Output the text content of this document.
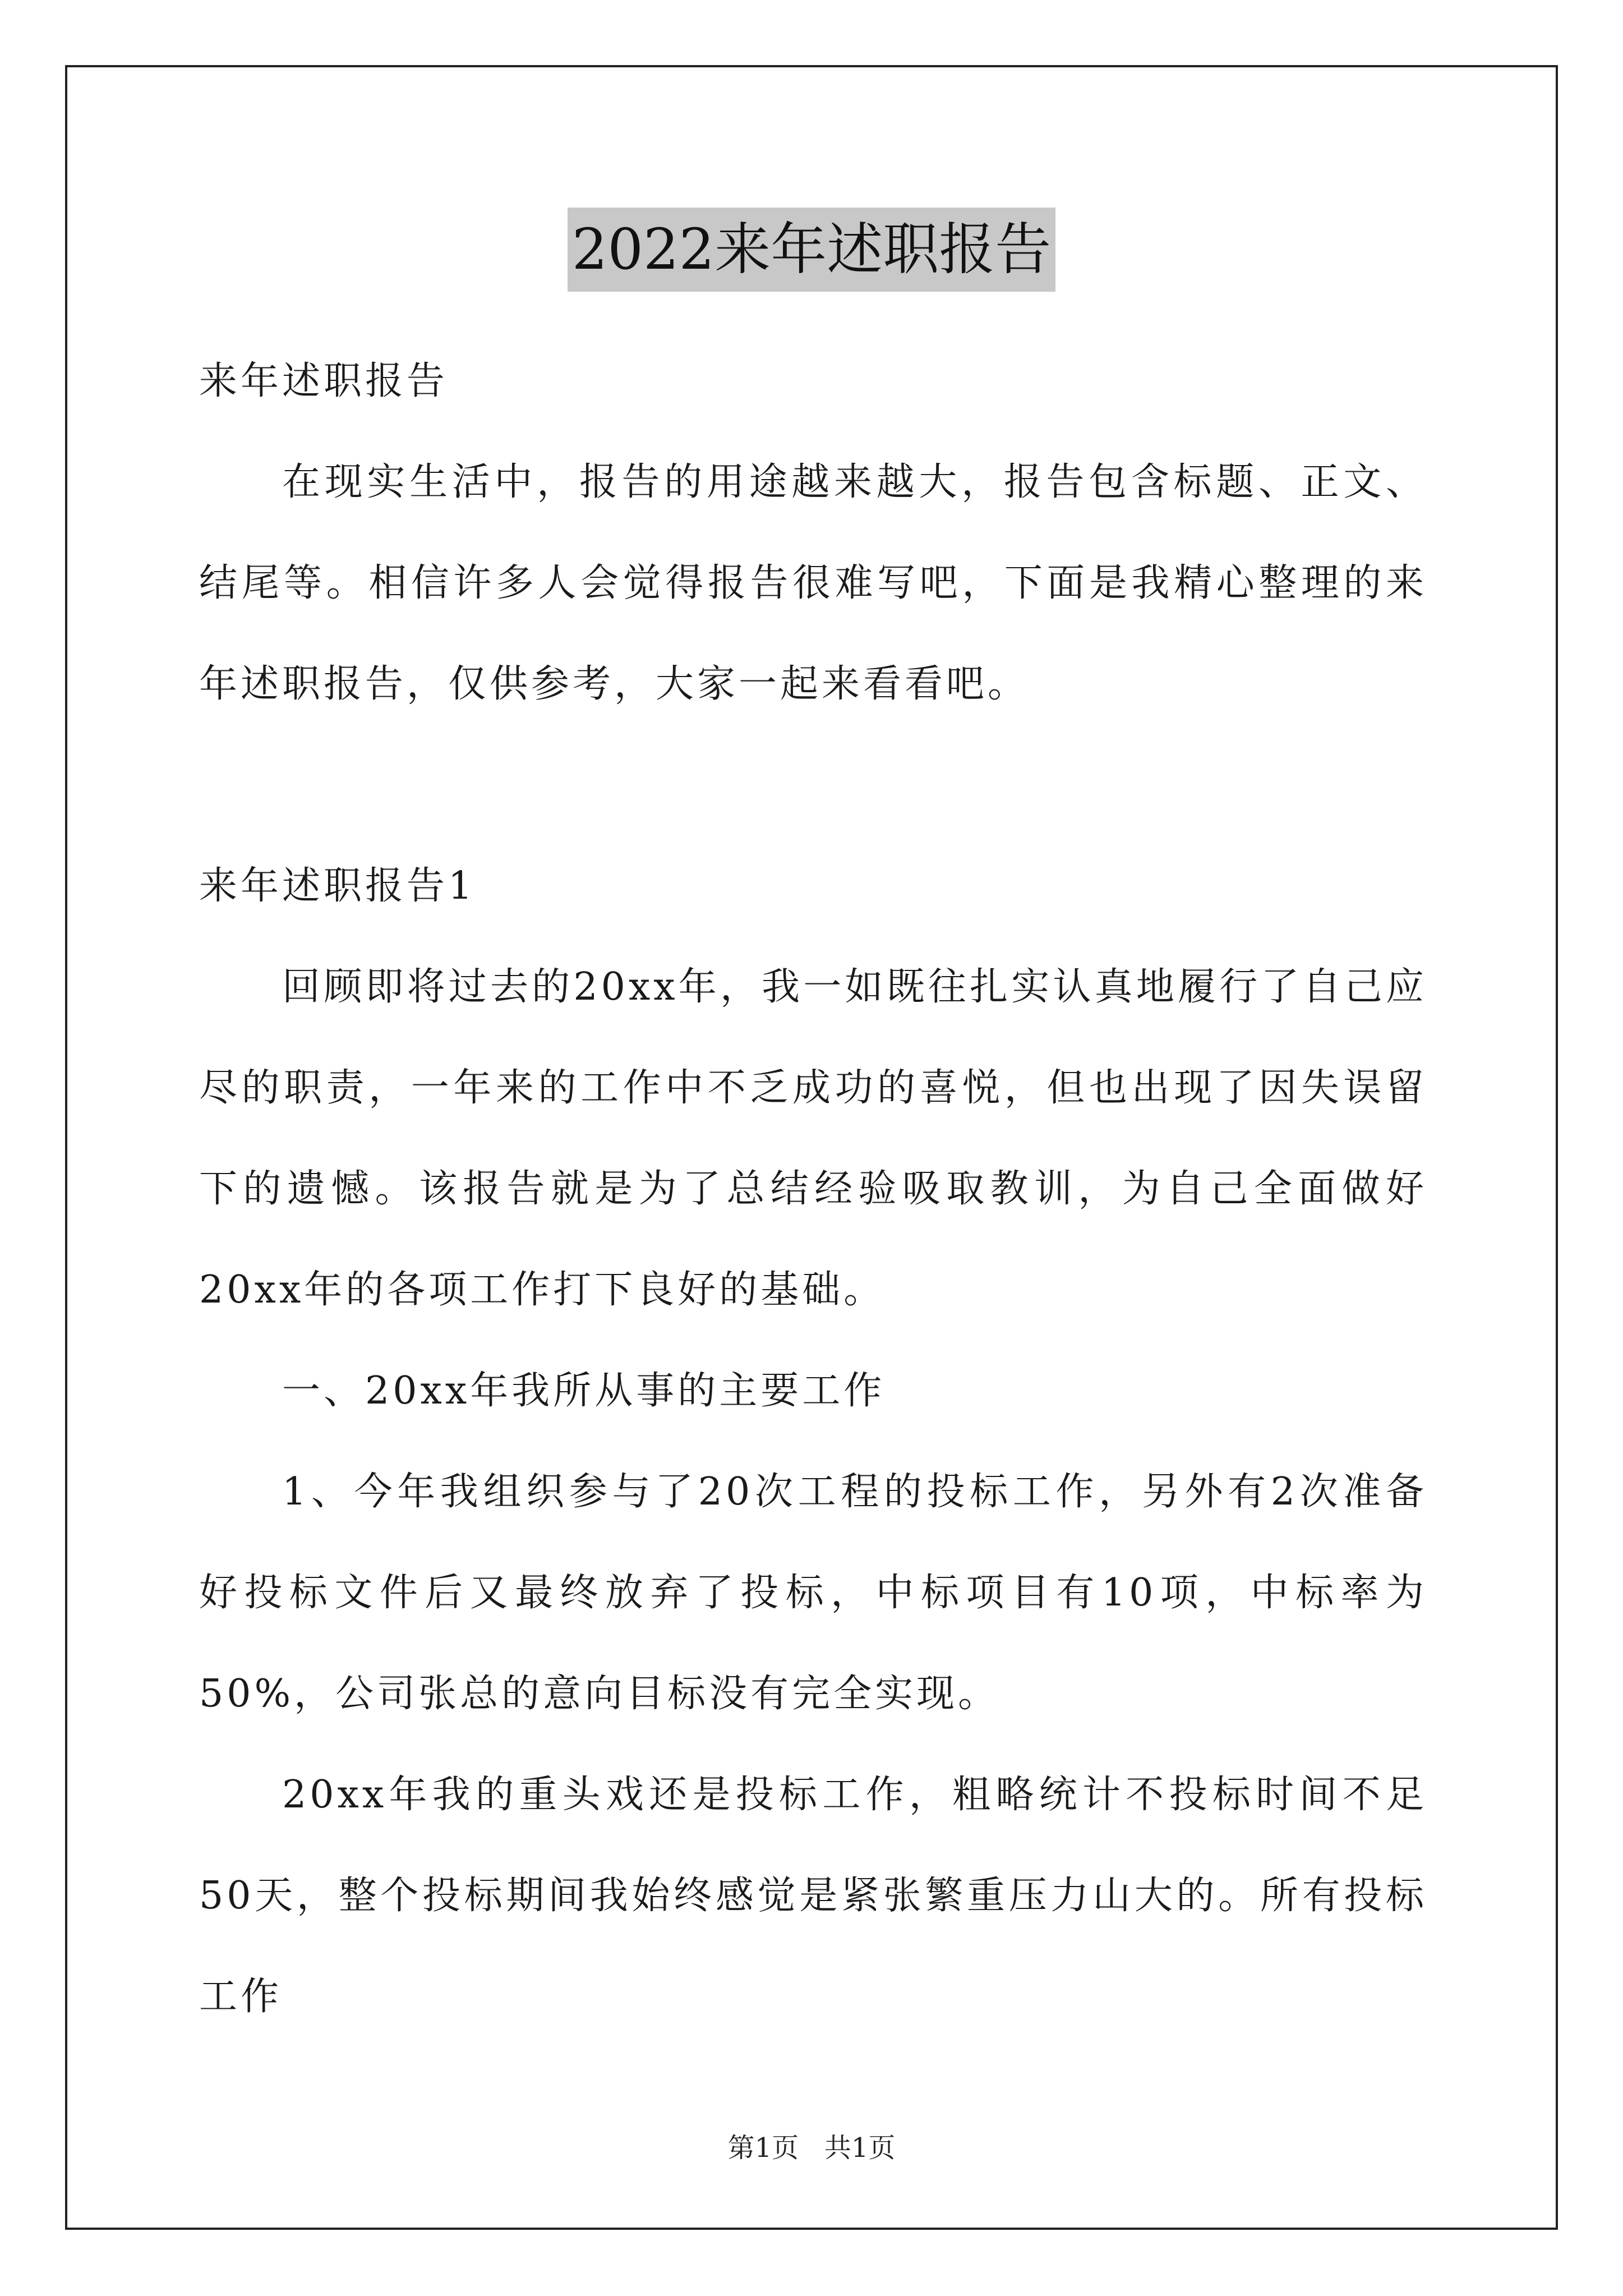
2022来年述职报告

来年述职报告

在现实生活中，报告的用途越来越大，报告包含标题、正文、结尾等。相信许多人会觉得报告很难写吧，下面是我精心整理的来年述职报告，仅供参考，大家一起来看看吧。

来年述职报告1

回顾即将过去的20xx年，我一如既往扎实认真地履行了自己应尽的职责，一年来的工作中不乏成功的喜悦，但也出现了因失误留下的遗憾。该报告就是为了总结经验吸取教训，为自己全面做好20xx年的各项工作打下良好的基础。

一、20xx年我所从事的主要工作

1、今年我组织参与了20次工程的投标工作，另外有2次准备好投标文件后又最终放弃了投标，中标项目有10项，中标率为50%，公司张总的意向目标没有完全实现。

20xx年我的重头戏还是投标工作，粗略统计不投标时间不足50天，整个投标期间我始终感觉是紧张繁重压力山大的。所有投标工作

第1页   共1页
